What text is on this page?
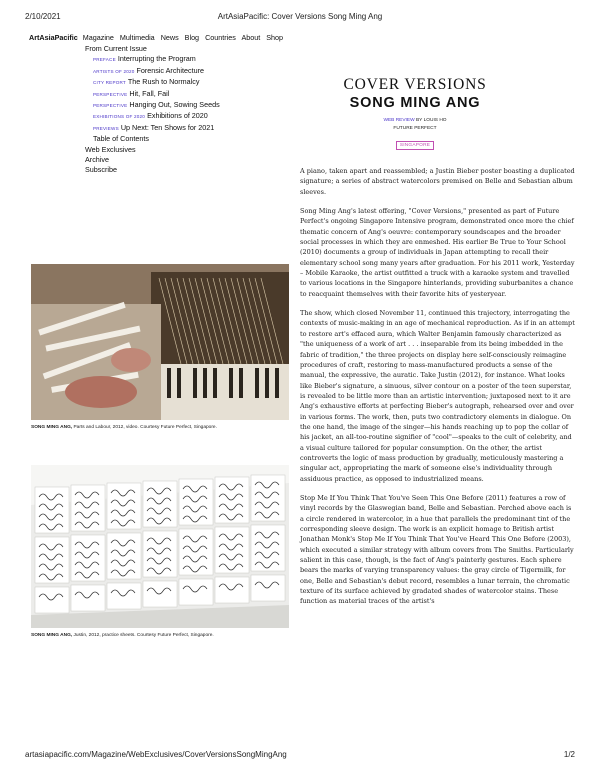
2/10/2021	ArtAsiaPacific: Cover Versions Song Ming Ang
ArtAsiaPacific Magazine Multimedia News Blog Countries About Shop
From Current Issue
PREFACE Interrupting the Program
ARTISTS OF 2020 Forensic Architecture
CITY REPORT The Rush to Normalcy
PERSPECTIVE Hit, Fall, Fail
PERSPECTIVE Hanging Out, Sowing Seeds
EXHIBITIONS OF 2020 Exhibitions of 2020
PREVIEWS Up Next: Ten Shows for 2021
Table of Contents
Web Exclusives
Archive
Subscribe
COVER VERSIONS
SONG MING ANG
WEB REVIEW BY LOUIS HO
FUTURE PERFECT
SINGAPORE
SONG MING ANG, Parts and Labour, 2012, video. Courtesy Future Perfect, Singapore.
SONG MING ANG, Justin, 2012, practice sheets. Courtesy Future Perfect, Singapore.

A piano, taken apart and reassembled; a Justin Bieber poster boasting a duplicated signature; a series of abstract watercolors premised on Belle and Sebastian album sleeves.

Song Ming Ang's latest offering, "Cover Versions," presented as part of Future Perfect's ongoing Singapore Intensive program, demonstrated once more the chief thematic concern of Ang's oeuvre: contemporary soundscapes and the broader social processes in which they are enmeshed. His earlier Be True to Your School (2010) documents a group of individuals in Japan attempting to recall their elementary school song many years after graduation. For his 2011 work, Yesterday – Mobile Karaoke, the artist outfitted a truck with a karaoke system and travelled to various locations in the Singapore hinterlands, providing suburbanites a chance to reacquaint themselves with their favorite hits of yesteryear.

The show, which closed November 11, continued this trajectory, interrogating the contexts of music-making in an age of mechanical reproduction. As if in an attempt to restore art's effaced aura, which Walter Benjamin famously characterized as "the uniqueness of a work of art . . . inseparable from its being imbedded in the fabric of tradition," the three projects on display here self-consciously reimagine procedures of craft, restoring to mass-manufactured products a sense of the manual, the expressive, the auratic. Take Justin (2012), for instance. What looks like Bieber's signature, a sinuous, silver contour on a poster of the teen superstar, is revealed to be little more than an artistic intervention; juxtaposed next to it are Ang's exhaustive efforts at perfecting Bieber's autograph, rehearsed over and over in various forms. The work, then, puts two contradictory elements in dialogue. On the one hand, the image of the singer—his hands reaching up to pop the collar of his jacket, an all-too-routine signifier of "cool"—speaks to the cult of celebrity, and a visual culture tailored for popular consumption. On the other, the artist controverts the logic of mass production by gradually, meticulously mastering a singular act, appropriating the mark of someone else's individuality through assiduous practice, as opposed to industrialized means.

Stop Me If You Think That You've Seen This One Before (2011) features a row of vinyl records by the Glaswegian band, Belle and Sebastian. Perched above each is a circle rendered in watercolor, in a hue that parallels the predominant tint of the corresponding sleeve design. The work is an explicit homage to British artist Jonathan Monk's Stop Me If You Think That You've Heard This One Before (2003), which executed a similar strategy with album covers from The Smiths. Particularly salient in this case, though, is the fact of Ang's painterly gestures. Each sphere bears the marks of varying transparency values: the gray circle of Tigermilk, for one, Belle and Sebastian's debut record, resembles a lunar terrain, the chromatic texture of its surface achieved by gradated shades of watercolor stains. These function as material traces of the artist's

artasiapacific.com/Magazine/WebExclusives/CoverVersionsSongMingAng	1/2
